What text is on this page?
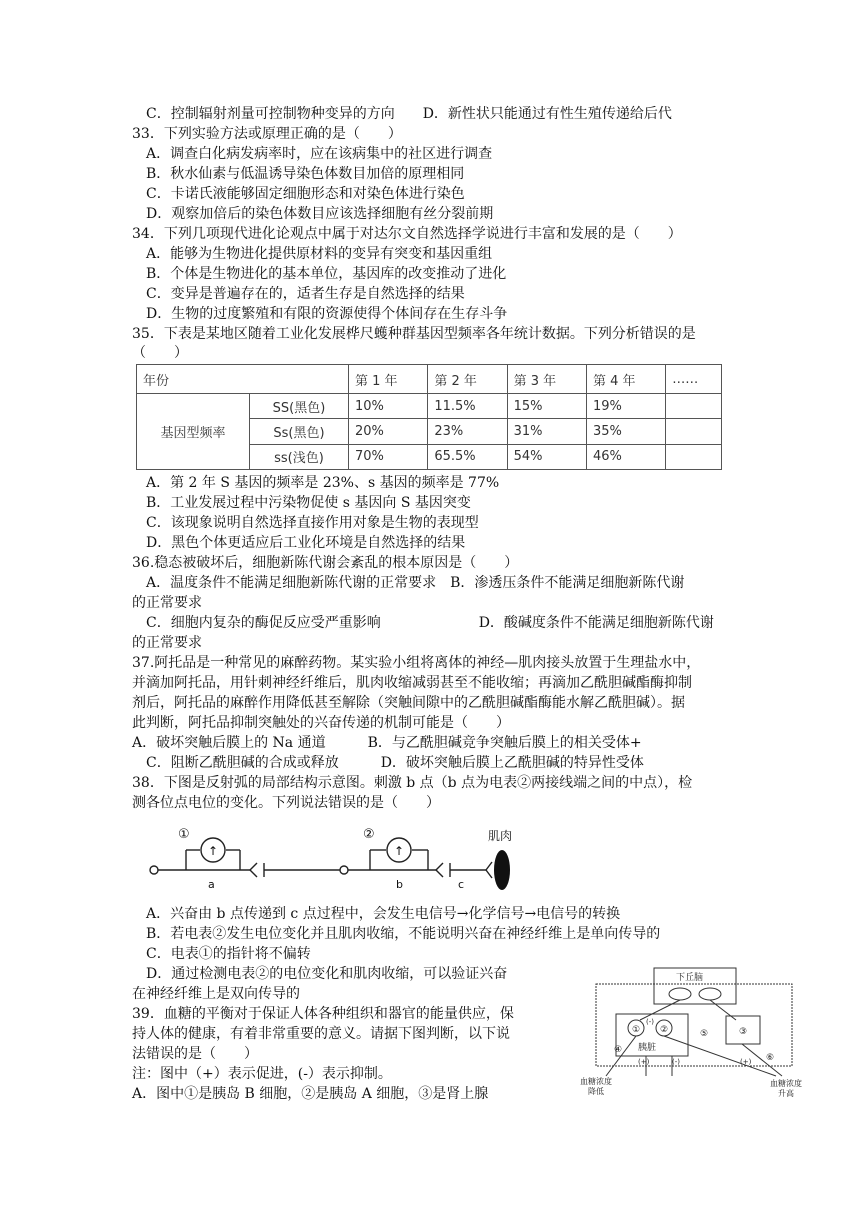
C．控制辐射剂量可控制物种变异的方向　　D．新性状只能通过有性生殖传递给后代
33．下列实验方法或原理正确的是（　　）
A．调查白化病发病率时，应在该病集中的社区进行调查
B．秋水仙素与低温诱导染色体数目加倍的原理相同
C．卡诺氏液能够固定细胞形态和对染色体进行染色
D．观察加倍后的染色体数目应该选择细胞有丝分裂前期
34．下列几项现代进化论观点中属于对达尔文自然选择学说进行丰富和发展的是（　　）
A．能够为生物进化提供原材料的变异有突变和基因重组
B．个体是生物进化的基本单位，基因库的改变推动了进化
C．变异是普遍存在的，适者生存是自然选择的结果
D．生物的过度繁殖和有限的资源使得个体间存在生存斗争
35．下表是某地区随着工业化发展桦尺蠖种群基因型频率各年统计数据。下列分析错误的是
（　　）
年份		第 1 年	第 2 年	第 3 年	第 4 年	……
基因型频率	SS(黑色)	10%	11.5%	15%	19%	
	Ss(黑色)	20%	23%	31%	35%	
	ss(浅色)	70%	65.5%	54%	46%	
A．第 2 年 S 基因的频率是 23%、s 基因的频率是 77%
B．工业发展过程中污染物促使 s 基因向 S 基因突变
C．该现象说明自然选择直接作用对象是生物的表现型
D．黑色个体更适应后工业化环境是自然选择的结果
36.稳态被破坏后，细胞新陈代谢会紊乱的根本原因是（　　）
A．温度条件不能满足细胞新陈代谢的正常要求　B．渗透压条件不能满足细胞新陈代谢
的正常要求
C．细胞内复杂的酶促反应受严重影响　　　　　　　D．酸碱度条件不能满足细胞新陈代谢
的正常要求
37.阿托品是一种常见的麻醉药物。某实验小组将离体的神经—肌肉接头放置于生理盐水中，
并滴加阿托品，用针刺神经纤维后，肌肉收缩减弱甚至不能收缩；再滴加乙酰胆碱酯酶抑制
剂后，阿托品的麻醉作用降低甚至解除（突触间隙中的乙酰胆碱酯酶能水解乙酰胆碱）。据
此判断，阿托品抑制突触处的兴奋传递的机制可能是（　　）
A．破坏突触后膜上的 Na 通道　　　B．与乙酰胆碱竞争突触后膜上的相关受体+
C．阻断乙酰胆碱的合成或释放　　　D．破坏突触后膜上乙酰胆碱的特异性受体
38．下图是反射弧的局部结构示意图。刺激 b 点（b 点为电表②两接线端之间的中点），检
测各位点电位的变化。下列说法错误的是（　　）
①
↑
②
↑
a	b	c
肌肉
A．兴奋由 b 点传递到 c 点过程中，会发生电信号→化学信号→电信号的转换
B．若电表②发生电位变化并且肌肉收缩，不能说明兴奋在神经纤维上是单向传导的
C．电表①的指针将不偏转
D．通过检测电表②的电位变化和肌肉收缩，可以验证兴奋
在神经纤维上是双向传导的
39．血糖的平衡对于保证人体各种组织和器官的能量供应，保
持人体的健康，有着非常重要的意义。请据下图判断，以下说
法错误的是（　　）
注：图中（+）表示促进，(-）表示抑制。
A．图中①是胰岛 B 细胞，②是胰岛 A 细胞，③是肾上腺
下丘脑
① ②	③
④
⑤
⑥
胰脏
(-)
(-)
(+)	(+)
血糖浓度
降低
血糖浓度
升高
